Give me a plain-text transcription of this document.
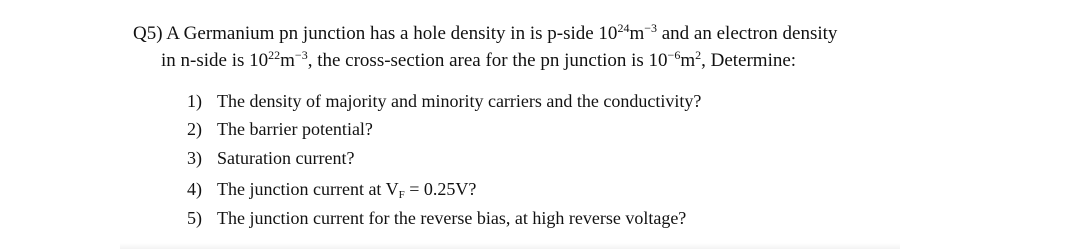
Q5) A Germanium pn junction has a hole density in is p-side $10^{24}m^{-3}$ and an electron density
in n-side is $10^{22}m^{-3}$, the cross-section area for the pn junction is $10^{-6}m^2$, Determine:
1) The density of majority and minority carriers and the conductivity?
2) The barrier potential?
3) Saturation current?
4) The junction current at $V_F = 0.25V$?
5) The junction current for the reverse bias, at high reverse voltage?
